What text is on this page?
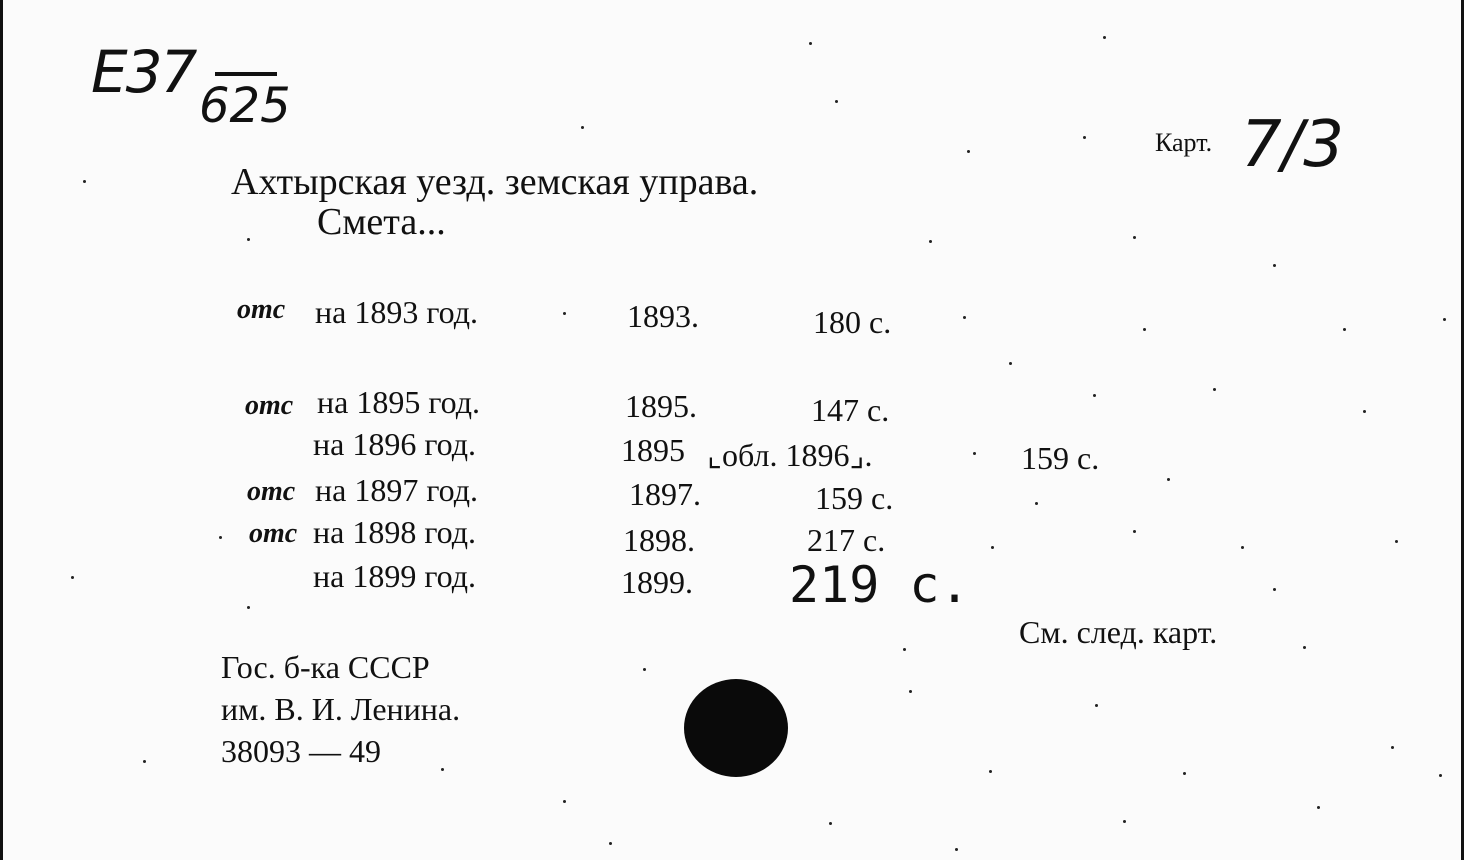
E37 625
Карт. 7/3
Ахтырская уезд. земская управа.
Смета...
отс на 1893 год.	1893.	180 с.
отс на 1895 год.	1895.	147 с.
на 1896 год.	1895 ⌞обл. 1896⌟.	159 с.
отс на 1897 год.	1897.	159 с.
отс на 1898 год.	1898.	217 с.
на 1899 год.	1899. 219 с.
См. след. карт.
Гос. б-ка СССР
им. В. И. Ленина.
38093 — 49
